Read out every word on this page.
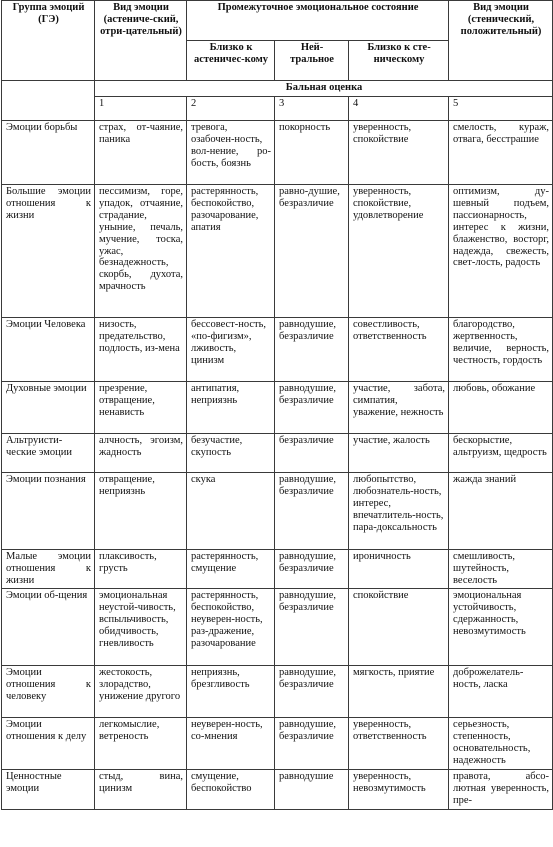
Группа эмоций (ГЭ)	Вид эмоции (астениче-ский, отри-цательный)	Промежуточное эмоциональное состояние			Вид эмоции (стенический, положительный)
		Близко к астеничес-кому	Ней-тральное	Близко к сте-ническому	
	Бальная оценка				
	1	2	3	4	5
Эмоции борьбы	страх, от-чаяние, паника	тревога, озабочен-ность, вол-нение, ро-бость, боязнь	покорность	уверенность, спокойствие	смелость, кураж, отвага, бесстрашие
Большие эмоции отношения к жизни	пессимизм, горе, упадок, отчаяние, страдание, уныние, печаль, мучение, тоска, ужас, безнадежность, скорбь, духота, мрачность	растерянность, беспокойство, разочарование, апатия	равно-душие, безразличие	уверенность, спокойствие, удовлетворение	оптимизм, ду-шевный подъем, пассионарность, интерес к жизни, блаженство, восторг, надежда, свежесть, свет-лость, радость
Эмоции Человека	низость, предательство, подлость, из-мена	бессовест-ность, «по-фигизм», лживость, цинизм	равнодушие, безразличие	совестливость, ответственность	благородство, жертвенность, величие, верность, честность, гордость
Духовные эмоции	презрение, отвращение, ненависть	антипатия, неприязнь	равнодушие, безразличие	участие, забота, симпатия, уважение, нежность	любовь, обожание
Альтруисти-ческие эмоции	алчность, эгоизм, жадность	безучастие, скупость	безразличие	участие, жалость	бескорыстие, альтруизм, щедрость
Эмоции познания	отвращение, неприязнь	скука	равнодушие, безразличие	любопытство, любознатель-ность, интерес, впечатлитель-ность, пара-доксальность	жажда знаний
Малые эмоции отношения к жизни	плаксивость, грусть	растерянность, смущение	равнодушие, безразличие	ироничность	смешливость, шутейность, веселость
Эмоции об-щения	эмоциональная неустой-чивость, вспыльчивость, обидчивость, гневливость	растерянность, беспокойство, неуверен-ность, раз-дражение, разочарование	равнодушие, безразличие	спокойствие	эмоциональная устойчивость, сдержанность, невозмутимость
Эмоции отношения к человеку	жестокость, злорадство, унижение другого	неприязнь, брезгливость	равнодушие, безразличие	мягкость, приятие	доброжелатель-ность, ласка
Эмоции отношения к делу	легкомыслие, ветреность	неуверен-ность, со-мнения	равнодушие, безразличие	уверенность, ответственность	серьезность, степенность, основательность, надежность
Ценностные эмоции	стыд, вина, цинизм	смущение, беспокойство	равнодушие	уверенность, невозмутимость	правота, абсо-лютная уверенность, пре-
